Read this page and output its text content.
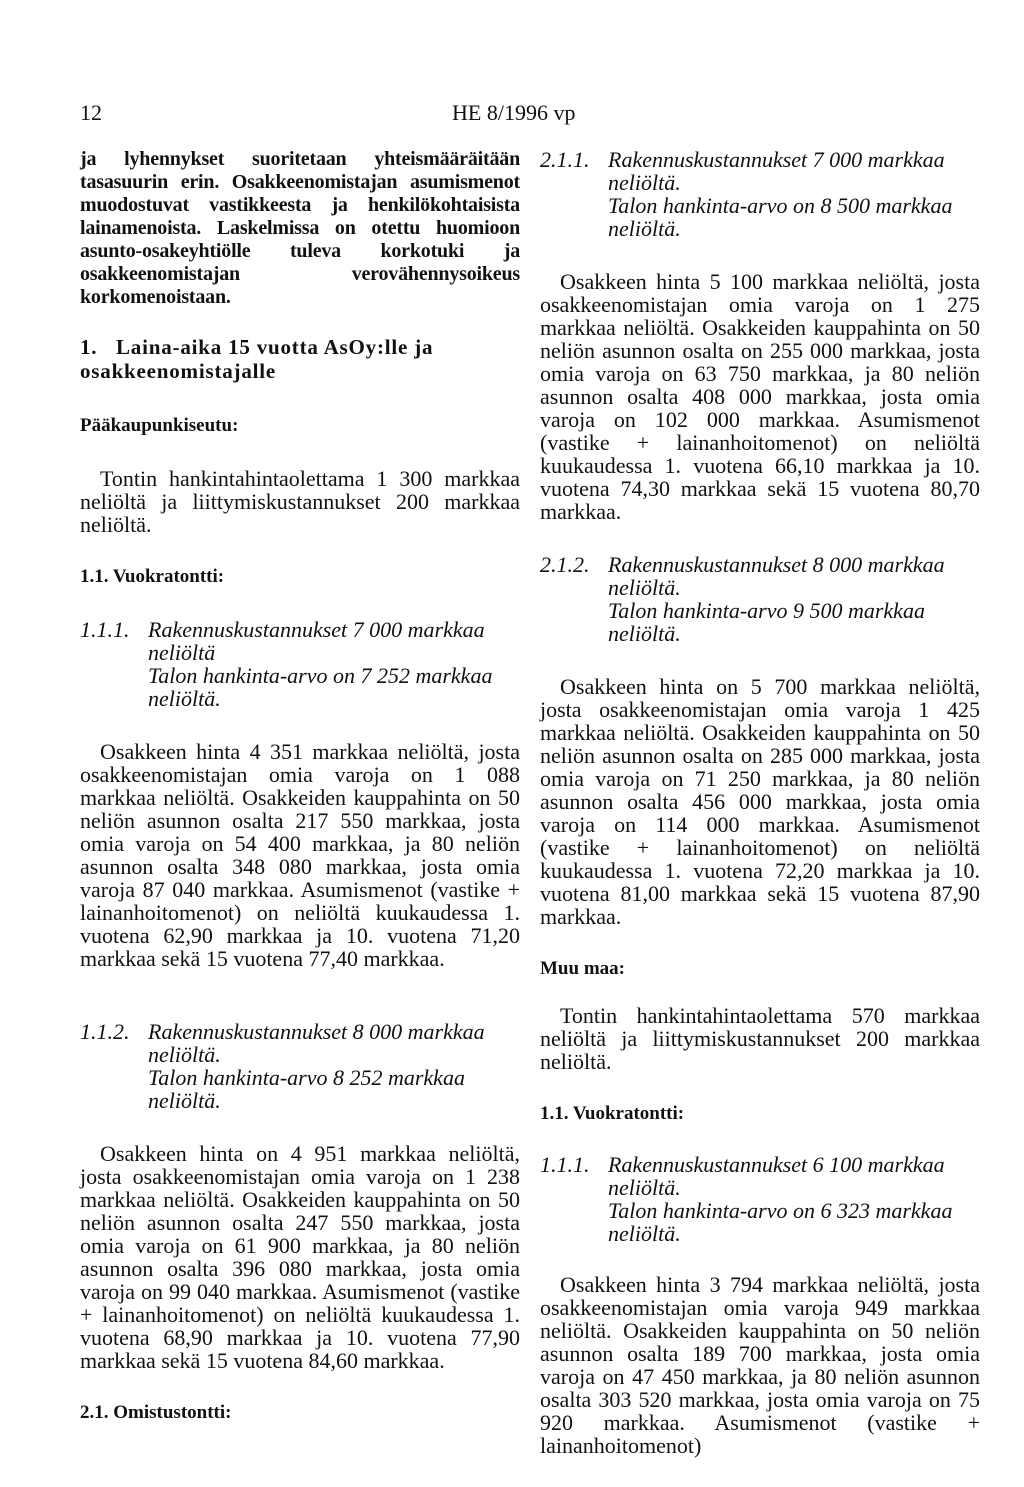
12	HE 8/1996 vp

ja lyhennykset suoritetaan yhteismääräitään tasasuurin erin. Osakkeenomistajan asumismenot muodostuvat vastikkeesta ja henkilökohtaisista lainamenoista. Laskelmissa on otettu huomioon asunto-osakeyhtiölle tuleva korkotuki ja osakkeenomistajan verovähennysoikeus korkomenoistaan.

1. Laina-aika 15 vuotta AsOy:lle ja osakkeenomistajalle

Pääkaupunkiseutu:

Tontin hankintahintaolettama 1 300 markkaa neliöltä ja liittymiskustannukset 200 markkaa neliöltä.

1.1. Vuokratontti:

1.1.1. Rakennuskustannukset 7 000 markkaa neliöltä
Talon hankinta-arvo on 7 252 markkaa neliöltä.

Osakkeen hinta 4 351 markkaa neliöltä, josta osakkeenomistajan omia varoja on 1 088 markkaa neliöltä. Osakkeiden kauppahinta on 50 neliön asunnon osalta 217 550 markkaa, josta omia varoja on 54 400 markkaa, ja 80 neliön asunnon osalta 348 080 markkaa, josta omia varoja 87 040 markkaa. Asumismenot (vastike + lainanhoitomenot) on neliöltä kuukaudessa 1. vuotena 62,90 markkaa ja 10. vuotena 71,20 markkaa sekä 15 vuotena 77,40 markkaa.

1.1.2. Rakennuskustannukset 8 000 markkaa neliöltä.
Talon hankinta-arvo 8 252 markkaa neliöltä.

Osakkeen hinta on 4 951 markkaa neliöltä, josta osakkeenomistajan omia varoja on 1 238 markkaa neliöltä. Osakkeiden kauppahinta on 50 neliön asunnon osalta 247 550 markkaa, josta omia varoja on 61 900 markkaa, ja 80 neliön asunnon osalta 396 080 markkaa, josta omia varoja on 99 040 markkaa. Asumismenot (vastike + lainanhoitomenot) on neliöltä kuukaudessa 1. vuotena 68,90 markkaa ja 10. vuotena 77,90 markkaa sekä 15 vuotena 84,60 markkaa.

2.1. Omistustontti:

2.1.1. Rakennuskustannukset 7 000 markkaa neliöltä.
Talon hankinta-arvo on 8 500 markkaa neliöltä.

Osakkeen hinta 5 100 markkaa neliöltä, josta osakkeenomistajan omia varoja on 1 275 markkaa neliöltä. Osakkeiden kauppahinta on 50 neliön asunnon osalta on 255 000 markkaa, josta omia varoja on 63 750 markkaa, ja 80 neliön asunnon osalta 408 000 markkaa, josta omia varoja on 102 000 markkaa. Asumismenot (vastike + lainanhoitomenot) on neliöltä kuukaudessa 1. vuotena 66,10 markkaa ja 10. vuotena 74,30 markkaa sekä 15 vuotena 80,70 markkaa.

2.1.2. Rakennuskustannukset 8 000 markkaa neliöltä.
Talon hankinta-arvo 9 500 markkaa neliöltä.

Osakkeen hinta on 5 700 markkaa neliöltä, josta osakkeenomistajan omia varoja 1 425 markkaa neliöltä. Osakkeiden kauppahinta on 50 neliön asunnon osalta on 285 000 markkaa, josta omia varoja on 71 250 markkaa, ja 80 neliön asunnon osalta 456 000 markkaa, josta omia varoja on 114 000 markkaa. Asumismenot (vastike + lainanhoitomenot) on neliöltä kuukaudessa 1. vuotena 72,20 markkaa ja 10. vuotena 81,00 markkaa sekä 15 vuotena 87,90 markkaa.

Muu maa:

Tontin hankintahintaolettama 570 markkaa neliöltä ja liittymiskustannukset 200 markkaa neliöltä.

1.1. Vuokratontti:

1.1.1. Rakennuskustannukset 6 100 markkaa neliöltä.
Talon hankinta-arvo on 6 323 markkaa neliöltä.

Osakkeen hinta 3 794 markkaa neliöltä, josta osakkeenomistajan omia varoja 949 markkaa neliöltä. Osakkeiden kauppahinta on 50 neliön asunnon osalta 189 700 markkaa, josta omia varoja on 47 450 markkaa, ja 80 neliön asunnon osalta 303 520 markkaa, josta omia varoja on 75 920 markkaa. Asumismenot (vastike + lainanhoitomenot)
